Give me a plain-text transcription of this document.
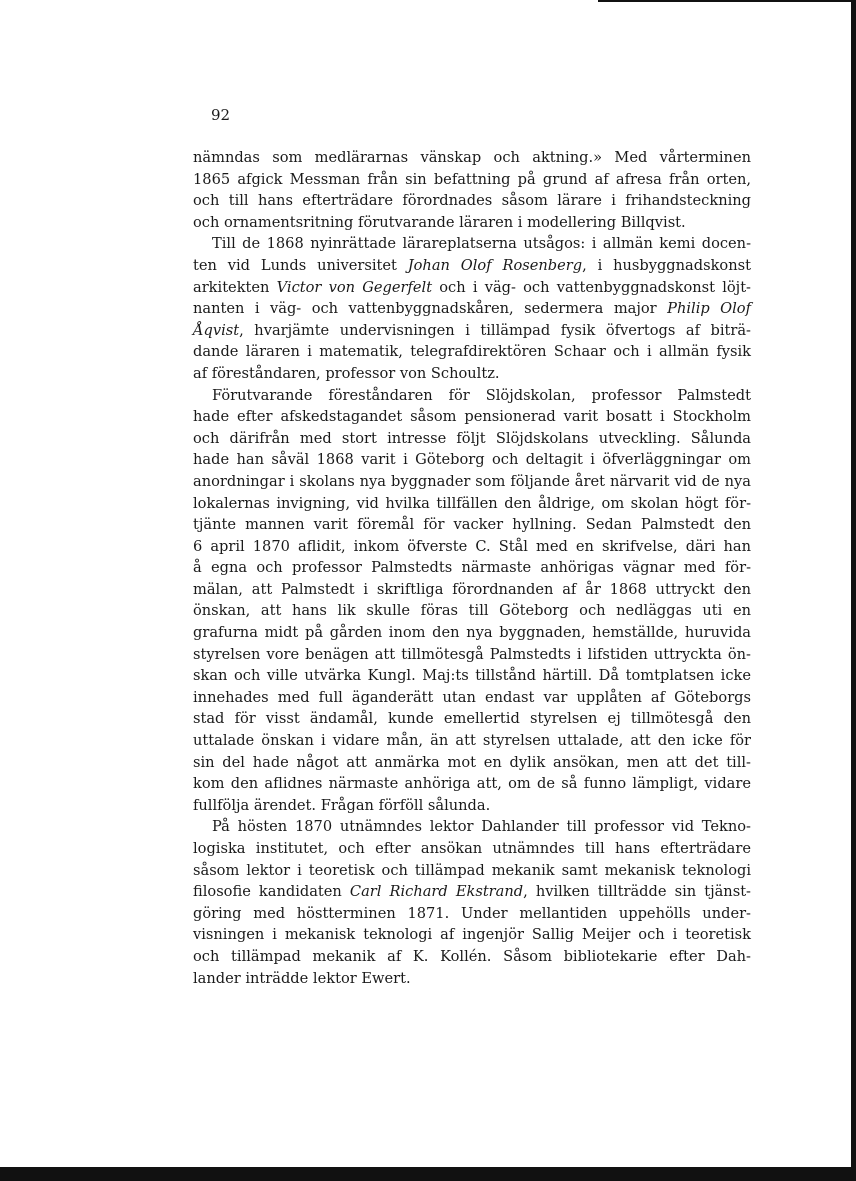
92
nämndas som medlärarnas vänskap och aktning.» Med vårterminen
1865 afgick Messman från sin befattning på grund af afresa från orten,
och till hans efterträdare förordnades såsom lärare i frihandsteckning
och ornamentsritning förutvarande läraren i modellering Billqvist.
Till de 1868 nyinrättade lärareplatserna utsågos: i allmän kemi docen-
ten vid Lunds universitet Johan Olof Rosenberg, i husbyggnadskonst
arkitekten Victor von Gegerfelt och i väg- och vattenbyggnadskonst löjt-
nanten i väg- och vattenbyggnadskåren, sedermera major Philip Olof
Åqvist, hvarjämte undervisningen i tillämpad fysik öfvertogs af biträ-
dande läraren i matematik, telegrafdirektören Schaar och i allmän fysik
af föreståndaren, professor von Schoultz.
Förutvarande föreståndaren för Slöjdskolan, professor Palmstedt
hade efter afskedstagandet såsom pensionerad varit bosatt i Stockholm
och därifrån med stort intresse följt Slöjdskolans utveckling. Sålunda
hade han såväl 1868 varit i Göteborg och deltagit i öfverläggningar om
anordningar i skolans nya byggnader som följande året närvarit vid de nya
lokalernas invigning, vid hvilka tillfällen den åldrige, om skolan högt för-
tjänte mannen varit föremål för vacker hyllning. Sedan Palmstedt den
6 april 1870 aflidit, inkom öfverste C. Stål med en skrifvelse, däri han
å egna och professor Palmstedts närmaste anhörigas vägnar med för-
mälan, att Palmstedt i skriftliga förordnanden af år 1868 uttryckt den
önskan, att hans lik skulle föras till Göteborg och nedläggas uti en
grafurna midt på gården inom den nya byggnaden, hemställde, huruvida
styrelsen vore benägen att tillmötesgå Palmstedts i lifstiden uttryckta ön-
skan och ville utvärka Kungl. Maj:ts tillstånd härtill. Då tomtplatsen icke
innehades med full äganderätt utan endast var upplåten af Göteborgs
stad för visst ändamål, kunde emellertid styrelsen ej tillmötesgå den
uttalade önskan i vidare mån, än att styrelsen uttalade, att den icke för
sin del hade något att anmärka mot en dylik ansökan, men att det till-
kom den aflidnes närmaste anhöriga att, om de så funno lämpligt, vidare
fullfölja ärendet. Frågan förföll sålunda.
På hösten 1870 utnämndes lektor Dahlander till professor vid Tekno-
logiska institutet, och efter ansökan utnämndes till hans efterträdare
såsom lektor i teoretisk och tillämpad mekanik samt mekanisk teknologi
filosofie kandidaten Carl Richard Ekstrand, hvilken tillträdde sin tjänst-
göring med höstterminen 1871. Under mellantiden uppehölls under-
visningen i mekanisk teknologi af ingenjör Sallig Meijer och i teoretisk
och tillämpad mekanik af K. Kollén. Såsom bibliotekarie efter Dah-
lander inträdde lektor Ewert.
